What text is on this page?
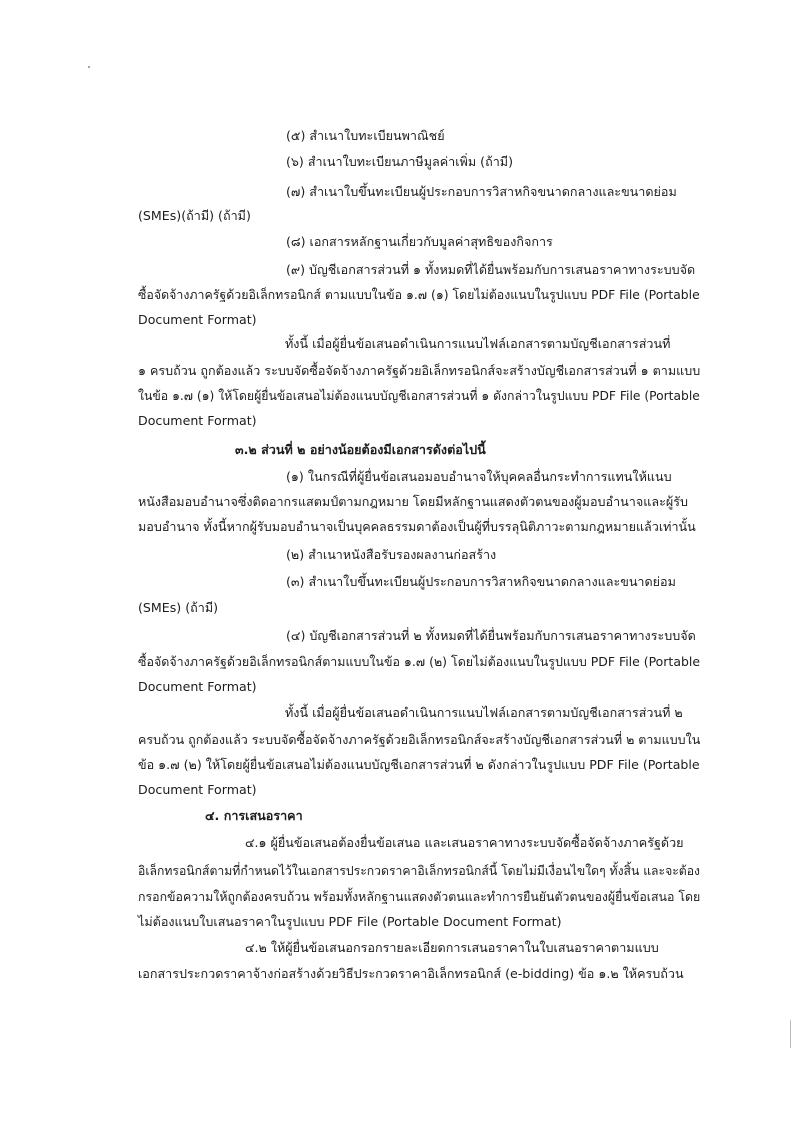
(๕) สำเนาใบทะเบียนพาณิชย์
(๖) สำเนาใบทะเบียนภาษีมูลค่าเพิ่ม (ถ้ามี)
(๗) สำเนาใบขึ้นทะเบียนผู้ประกอบการวิสาหกิจขนาดกลางและขนาดย่อม
(SMEs)(ถ้ามี) (ถ้ามี)
(๘) เอกสารหลักฐานเกี่ยวกับมูลค่าสุทธิของกิจการ
(๙) บัญชีเอกสารส่วนที่ ๑ ทั้งหมดที่ได้ยื่นพร้อมกับการเสนอราคาทางระบบจัด
ซื้อจัดจ้างภาครัฐด้วยอิเล็กทรอนิกส์ ตามแบบในข้อ ๑.๗ (๑) โดยไม่ต้องแนบในรูปแบบ PDF File (Portable
Document Format)
ทั้งนี้ เมื่อผู้ยื่นข้อเสนอดำเนินการแนบไฟล์เอกสารตามบัญชีเอกสารส่วนที่
๑ ครบถ้วน ถูกต้องแล้ว ระบบจัดซื้อจัดจ้างภาครัฐด้วยอิเล็กทรอนิกส์จะสร้างบัญชีเอกสารส่วนที่ ๑ ตามแบบ
ในข้อ ๑.๗ (๑) ให้โดยผู้ยื่นข้อเสนอไม่ต้องแนบบัญชีเอกสารส่วนที่ ๑ ดังกล่าวในรูปแบบ PDF File (Portable
Document Format)
๓.๒ ส่วนที่ ๒ อย่างน้อยต้องมีเอกสารดังต่อไปนี้
(๑) ในกรณีที่ผู้ยื่นข้อเสนอมอบอำนาจให้บุคคลอื่นกระทำการแทนให้แนบ
หนังสือมอบอำนาจซึ่งติดอากรแสตมป์ตามกฎหมาย โดยมีหลักฐานแสดงตัวตนของผู้มอบอำนาจและผู้รับ
มอบอำนาจ ทั้งนี้หากผู้รับมอบอำนาจเป็นบุคคลธรรมดาต้องเป็นผู้ที่บรรลุนิติภาวะตามกฎหมายแล้วเท่านั้น
(๒) สำเนาหนังสือรับรองผลงานก่อสร้าง
(๓) สำเนาใบขึ้นทะเบียนผู้ประกอบการวิสาหกิจขนาดกลางและขนาดย่อม
(SMEs) (ถ้ามี)
(๔) บัญชีเอกสารส่วนที่ ๒ ทั้งหมดที่ได้ยื่นพร้อมกับการเสนอราคาทางระบบจัด
ซื้อจัดจ้างภาครัฐด้วยอิเล็กทรอนิกส์ตามแบบในข้อ ๑.๗ (๒) โดยไม่ต้องแนบในรูปแบบ PDF File (Portable
Document Format)
ทั้งนี้ เมื่อผู้ยื่นข้อเสนอดำเนินการแนบไฟล์เอกสารตามบัญชีเอกสารส่วนที่ ๒
ครบถ้วน ถูกต้องแล้ว ระบบจัดซื้อจัดจ้างภาครัฐด้วยอิเล็กทรอนิกส์จะสร้างบัญชีเอกสารส่วนที่ ๒ ตามแบบใน
ข้อ ๑.๗ (๒) ให้โดยผู้ยื่นข้อเสนอไม่ต้องแนบบัญชีเอกสารส่วนที่ ๒ ดังกล่าวในรูปแบบ PDF File (Portable
Document Format)
๔. การเสนอราคา
๔.๑ ผู้ยื่นข้อเสนอต้องยื่นข้อเสนอ และเสนอราคาทางระบบจัดซื้อจัดจ้างภาครัฐด้วย
อิเล็กทรอนิกส์ตามที่กำหนดไว้ในเอกสารประกวดราคาอิเล็กทรอนิกส์นี้ โดยไม่มีเงื่อนไขใดๆ ทั้งสิ้น และจะต้อง
กรอกข้อความให้ถูกต้องครบถ้วน พร้อมทั้งหลักฐานแสดงตัวตนและทำการยืนยันตัวตนของผู้ยื่นข้อเสนอ โดย
ไม่ต้องแนบใบเสนอราคาในรูปแบบ PDF File (Portable Document Format)
๔.๒ ให้ผู้ยื่นข้อเสนอกรอกรายละเอียดการเสนอราคาในใบเสนอราคาตามแบบ
เอกสารประกวดราคาจ้างก่อสร้างด้วยวิธีประกวดราคาอิเล็กทรอนิกส์ (e-bidding) ข้อ ๑.๒ ให้ครบถ้วน
